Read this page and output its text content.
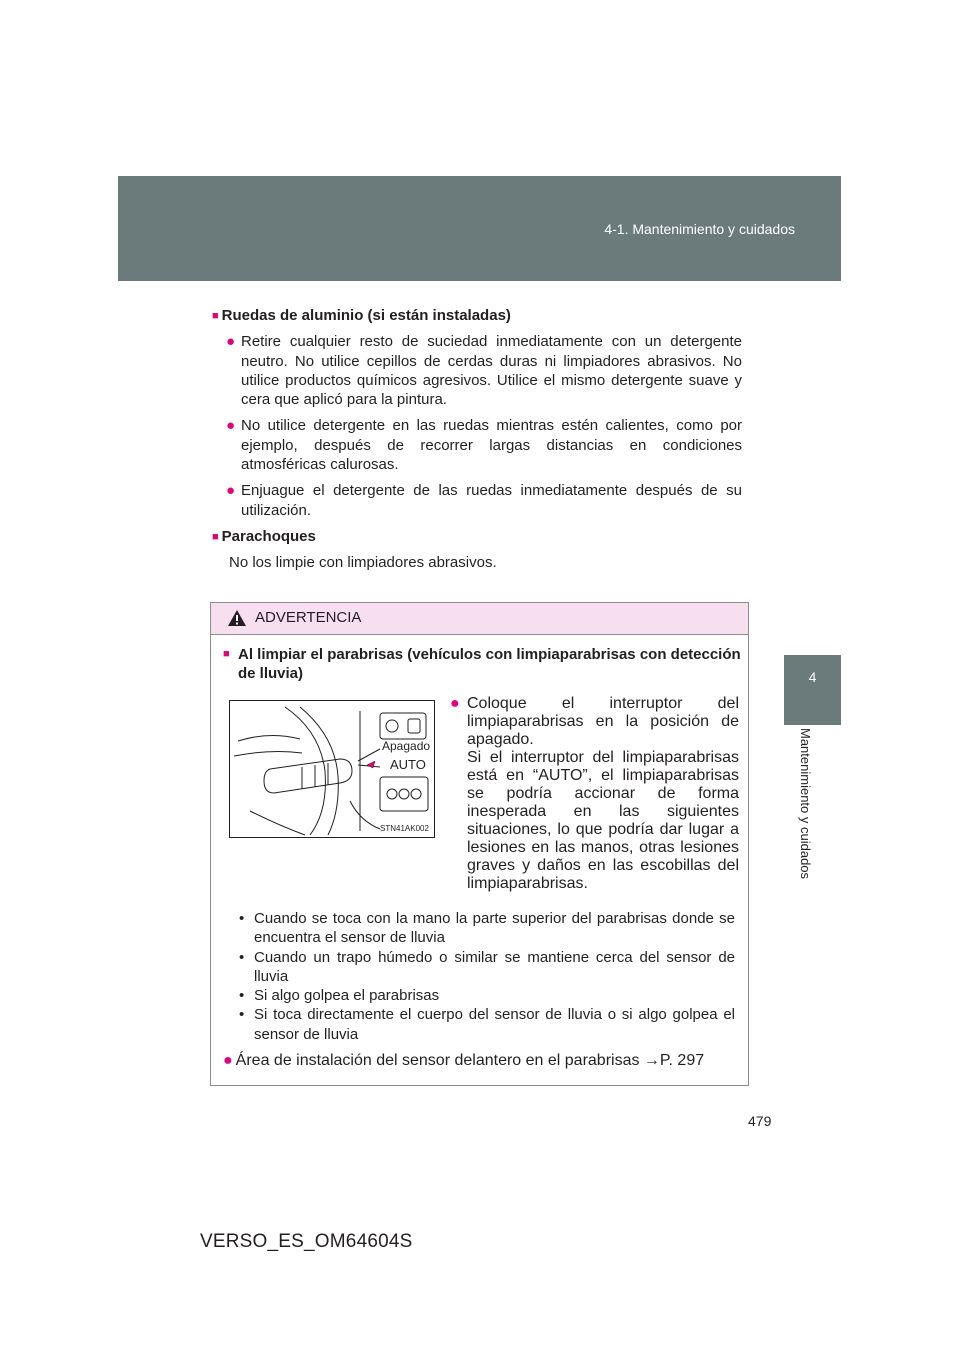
4-1. Mantenimiento y cuidados
4
Mantenimiento y cuidados
■ Ruedas de aluminio (si están instaladas)
● Retire cualquier resto de suciedad inmediatamente con un detergente neutro. No utilice cepillos de cerdas duras ni limpiadores abrasivos. No utilice productos químicos agresivos. Utilice el mismo detergente suave y cera que aplicó para la pintura.
● No utilice detergente en las ruedas mientras estén calientes, como por ejemplo, después de recorrer largas distancias en condiciones atmosféricas calurosas.
● Enjuague el detergente de las ruedas inmediatamente después de su utilización.
■ Parachoques
No los limpie con limpiadores abrasivos.
ADVERTENCIA
■ Al limpiar el parabrisas (vehículos con limpiaparabrisas con detección de lluvia)
Apagado
AUTO
STN41AK002

● Coloque el interruptor del limpiaparabrisas en la posición de apagado.

Si el interruptor del limpiaparabrisas está en “AUTO”, el limpiaparabrisas se podría accionar de forma inesperada en las siguientes situaciones, lo que podría dar lugar a lesiones en las manos, otras lesiones graves y daños en las escobillas del limpiaparabrisas.

• Cuando se toca con la mano la parte superior del parabrisas donde se encuentra el sensor de lluvia
• Cuando un trapo húmedo o similar se mantiene cerca del sensor de lluvia
• Si algo golpea el parabrisas
• Si toca directamente el cuerpo del sensor de lluvia o si algo golpea el sensor de lluvia
● Área de instalación del sensor delantero en el parabrisas →P. 297
479
VERSO_ES_OM64604S
